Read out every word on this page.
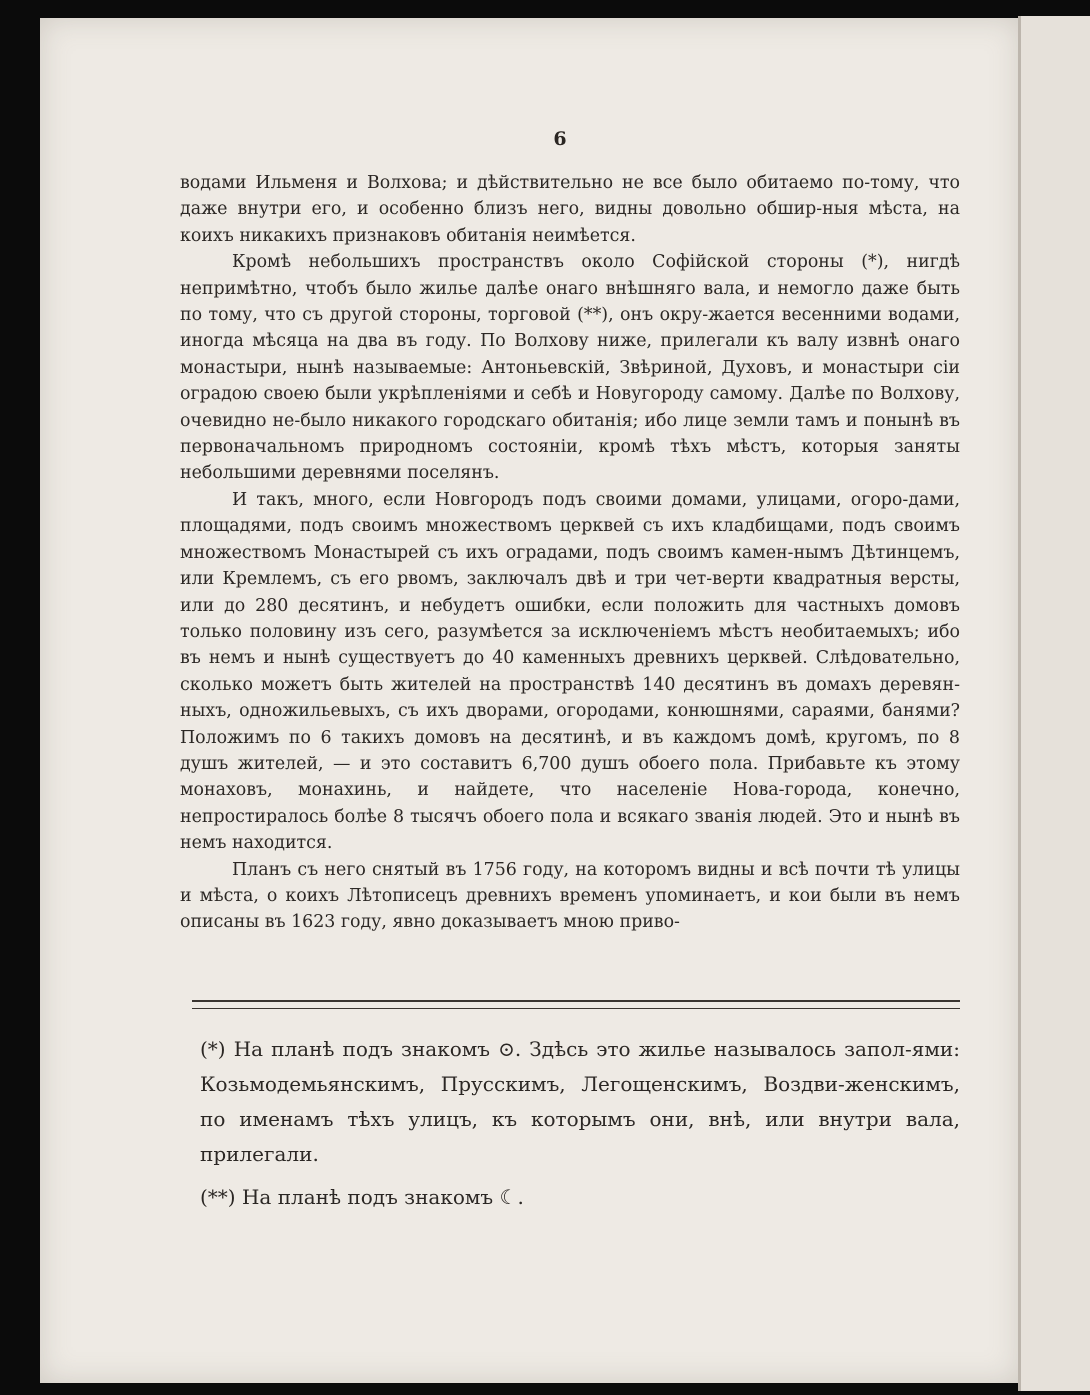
6

водами Ильменя и Волхова; и дѣйствительно не все было обитаемо по-тому, что даже внутри его, и особенно близъ него, видны довольно обшир-ныя мѣста, на коихъ никакихъ признаковъ обитанія неимѣется.

Кромѣ небольшихъ пространствъ около Софійской стороны (*), нигдѣ непримѣтно, чтобъ было жилье далѣе онаго внѣшняго вала, и немогло даже быть по тому, что съ другой стороны, торговой (**), онъ окру-жается весенними водами, иногда мѣсяца на два въ году. По Волхову ниже, прилегали къ валу извнѣ онаго монастыри, нынѣ называемые: Антоньевскій, Звѣриной, Духовъ, и монастыри сіи оградою своею были укрѣпленіями и себѣ и Новугороду самому. Далѣе по Волхову, очевидно не-было никакого городскаго обитанія; ибо лице земли тамъ и понынѣ въ первоначальномъ природномъ состояніи, кромѣ тѣхъ мѣстъ, которыя заняты небольшими деревнями поселянъ.

И такъ, много, если Новгородъ подъ своими домами, улицами, огоро-дами, площадями, подъ своимъ множествомъ церквей съ ихъ кладбищами, подъ своимъ множествомъ Монастырей съ ихъ оградами, подъ своимъ камен-нымъ Дѣтинцемъ, или Кремлемъ, съ его рвомъ, заключалъ двѣ и три чет-верти квадратныя версты, или до 280 десятинъ, и небудетъ ошибки, если положить для частныхъ домовъ только половину изъ сего, разумѣется за исключеніемъ мѣстъ необитаемыхъ; ибо въ немъ и нынѣ существуетъ до 40 каменныхъ древнихъ церквей. Слѣдовательно, сколько можетъ быть жителей на пространствѣ 140 десятинъ въ домахъ деревян-ныхъ, одножильевыхъ, съ ихъ дворами, огородами, конюшнями, сараями, банями? Положимъ по 6 такихъ домовъ на десятинѣ, и въ каждомъ домѣ, кругомъ, по 8 душъ жителей, — и это составитъ 6,700 душъ обоего пола. Прибавьте къ этому монаховъ, монахинь, и найдете, что населеніе Нова-города, конечно, непростиралось болѣе 8 тысячъ обоего пола и всякаго званія людей. Это и нынѣ въ немъ находится.

Планъ съ него снятый въ 1756 году, на которомъ видны и всѣ почти тѣ улицы и мѣста, о коихъ Лѣтописецъ древнихъ временъ упоминаетъ, и кои были въ немъ описаны въ 1623 году, явно доказываетъ мною приво-

(*) На планѣ подъ знакомъ ⊙. Здѣсь это жилье называлось запол-ями: Козьмодемьянскимъ, Прусскимъ, Легощенскимъ, Воздви-женскимъ, по именамъ тѣхъ улицъ, къ которымъ они, внѣ, или внутри вала, прилегали.

(**) На планѣ подъ знакомъ ☾.
